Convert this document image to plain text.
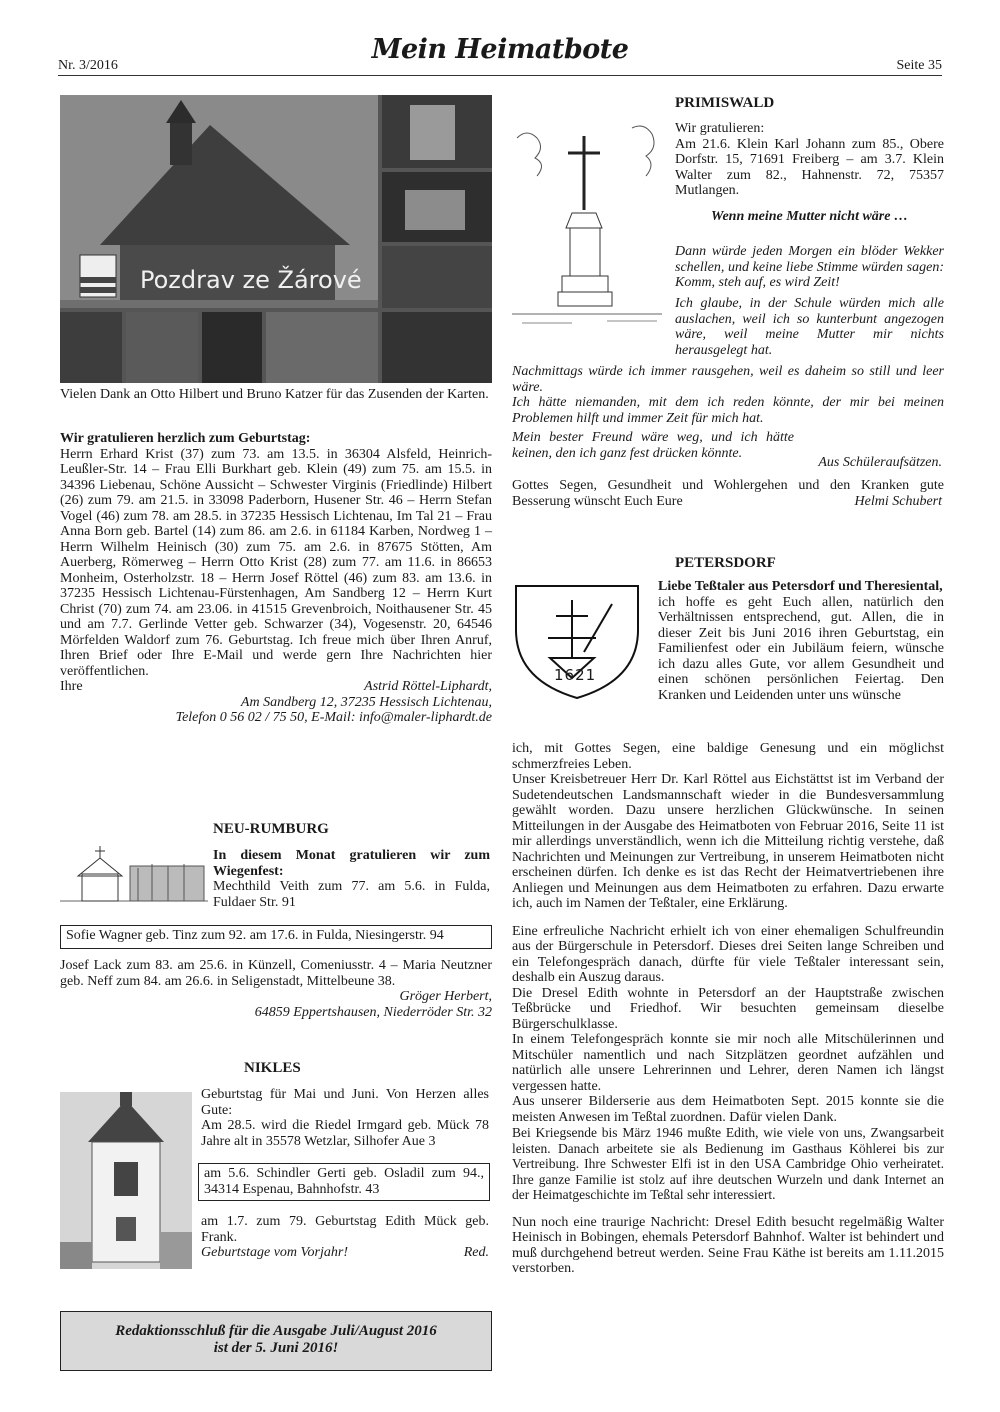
Nr. 3/2016
Mein Heimatbote
Seite 35
Pozdrav ze Žárové
Vielen Dank an Otto Hilbert und Bruno Katzer für das Zusenden der Karten.

Wir gratulieren herzlich zum Geburtstag:

Herrn Erhard Krist (37) zum 73. am 13.5. in 36304 Alsfeld, Heinrich-Leußler-Str. 14 – Frau Elli Burkhart geb. Klein (49) zum 75. am 15.5. in 34396 Liebenau, Schöne Aussicht – Schwester Virginis (Friedlinde) Hilbert (26) zum 79. am 21.5. in 33098 Paderborn, Husener Str. 46 – Herrn Stefan Vogel (46) zum 78. am 28.5. in 37235 Hessisch Lichtenau, Im Tal 21 – Frau Anna Born geb. Bartel (14) zum 86. am 2.6. in 61184 Karben, Nordweg 1 – Herrn Wilhelm Heinisch (30) zum 75. am 2.6. in 87675 Stötten, Am Auerberg, Römerweg – Herrn Otto Krist (28) zum 77. am 11.6. in 86653 Monheim, Osterholzstr. 18 – Herrn Josef Röttel (46) zum 83. am 13.6. in 37235 Hessisch Lichtenau-Fürstenhagen, Am Sandberg 12 – Herrn Kurt Christ (70) zum 74. am 23.06. in 41515 Grevenbroich, Noithausener Str. 45 und am 7.7. Gerlinde Vetter geb. Schwarzer (34), Vogesenstr. 20, 64546 Mörfelden Waldorf zum 76. Geburtstag. Ich freue mich über Ihren Anruf, Ihren Brief oder Ihre E-Mail und werde gern Ihre Nachrichten hier veröffentlichen.

Ihre	Astrid Röttel-Liphardt,

Am Sandberg 12, 37235 Hessisch Lichtenau,

Telefon 0 56 02 / 75 50, E-Mail: info@maler-liphardt.de

NEU-RUMBURG

In diesem Monat gratulieren wir zum Wiegenfest:

Mechthild Veith zum 77. am 5.6. in Fulda, Fuldaer Str. 91

Sofie Wagner geb. Tinz zum 92. am 17.6. in Fulda, Niesingerstr. 94

Josef Lack zum 83. am 25.6. in Künzell, Comeniusstr. 4 – Maria Neutzner geb. Neff zum 84. am 26.6. in Seligenstadt, Mittelbeune 38.

Gröger Herbert,

64859 Eppertshausen, Niederröder Str. 32

NIKLES

Geburtstag für Mai und Juni. Von Herzen alles Gute:

Am 28.5. wird die Riedel Irmgard geb. Mück 78 Jahre alt in 35578 Wetzlar, Silhofer Aue 3

am 5.6. Schindler Gerti geb. Osladil zum 94., 34314 Espenau, Bahnhofstr. 43

am 1.7. zum 79. Geburtstag Edith Mück geb. Frank.

Geburtstage vom Vorjahr!	Red.
Redaktionsschluß für die Ausgabe Juli/August 2016
ist der 5. Juni 2016!
PRIMISWALD

Wir gratulieren:

Am 21.6. Klein Karl Johann zum 85., Obere Dorfstr. 15, 71691 Freiberg – am 3.7. Klein Walter zum 82., Hahnenstr. 72, 75357 Mutlangen.

Wenn meine Mutter nicht wäre …

Dann würde jeden Morgen ein blöder Wekker schellen, und keine liebe Stimme würden sagen: Komm, steh auf, es wird Zeit!

Ich glaube, in der Schule würden mich alle auslachen, weil ich so kunterbunt angezogen wäre, weil meine Mutter mir nichts herausgelegt hat.

Nachmittags würde ich immer rausgehen, weil es daheim so still und leer wäre.

Ich hätte niemanden, mit dem ich reden könnte, der mir bei meinen Problemen hilft und immer Zeit für mich hat.

Mein bester Freund wäre weg, und ich hätte keinen, den ich ganz fest drücken könnte.

Aus Schüleraufsätzen.

Gottes Segen, Gesundheit und Wohlergehen und den Kranken gute Besserung wünscht Euch Eure	Helmi Schubert
PETERSDORF
1621

Liebe Teßtaler aus Petersdorf und Theresiental,

ich hoffe es geht Euch allen, natürlich den Verhältnissen entsprechend, gut. Allen, die in dieser Zeit bis Juni 2016 ihren Geburtstag, ein Familienfest oder ein Jubiläum feiern, wünsche ich dazu alles Gute, vor allem Gesundheit und einen schönen persönlichen Feiertag. Den Kranken und Leidenden unter uns wünsche

ich, mit Gottes Segen, eine baldige Genesung und ein möglichst schmerzfreies Leben.

Unser Kreisbetreuer Herr Dr. Karl Röttel aus Eichstättst ist im Verband der Sudetendeutschen Landsmannschaft wieder in die Bundesversammlung gewählt worden. Dazu unsere herzlichen Glückwünsche. In seinen Mitteilungen in der Ausgabe des Heimatboten von Februar 2016, Seite 11 ist mir allerdings unverständlich, wenn ich die Mitteilung richtig verstehe, daß Nachrichten und Meinungen zur Vertreibung, in unserem Heimatboten nicht erscheinen dürfen. Ich denke es ist das Recht der Heimatvertriebenen ihre Anliegen und Meinungen aus dem Heimatboten zu erfahren. Dazu erwarte ich, auch im Namen der Teßtaler, eine Erklärung.

Eine erfreuliche Nachricht erhielt ich von einer ehemaligen Schulfreundin aus der Bürgerschule in Petersdorf. Dieses drei Seiten lange Schreiben und ein Telefongespräch danach, dürfte für viele Teßtaler interessant sein, deshalb ein Auszug daraus.

Die Dresel Edith wohnte in Petersdorf an der Hauptstraße zwischen Teßbrücke und Friedhof. Wir besuchten gemeinsam dieselbe Bürgerschulklasse.

In einem Telefongespräch konnte sie mir noch alle Mitschülerinnen und Mitschüler namentlich und nach Sitzplätzen geordnet aufzählen und natürlich alle unsere Lehrerinnen und Lehrer, deren Namen ich längst vergessen hatte.

Aus unserer Bilderserie aus dem Heimatboten Sept. 2015 konnte sie die meisten Anwesen im Teßtal zuordnen. Dafür vielen Dank.

Bei Kriegsende bis März 1946 mußte Edith, wie viele von uns, Zwangsarbeit leisten. Danach arbeitete sie als Bedienung im Gasthaus Köhlerei bis zur Vertreibung. Ihre Schwester Elfi ist in den USA Cambridge Ohio verheiratet. Ihre ganze Familie ist stolz auf ihre deutschen Wurzeln und dank Internet an der Heimatgeschichte im Teßtal sehr interessiert.

Nun noch eine traurige Nachricht: Dresel Edith besucht regelmäßig Walter Heinisch in Bobingen, ehemals Petersdorf Bahnhof. Walter ist behindert und muß durchgehend betreut werden. Seine Frau Käthe ist bereits am 1.11.2015 verstorben.
